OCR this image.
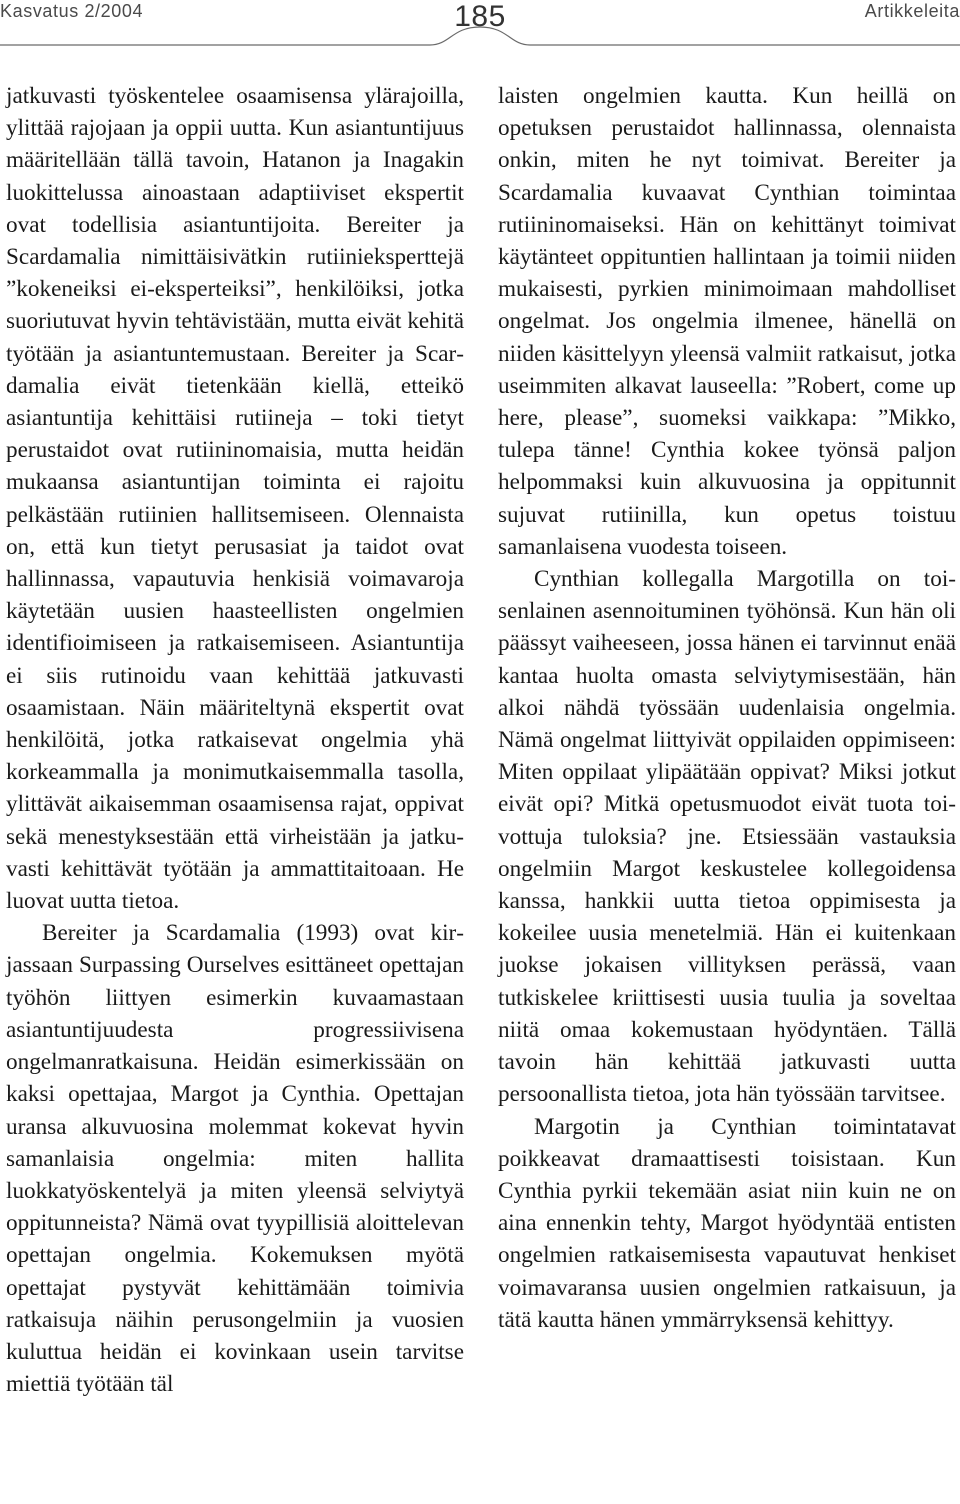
Kasvatus 2/2004	185	Artikkeleita

jatkuvasti työskentelee osaamisensa ylärajoilla, ylittää rajojaan ja oppii uutta. Kun asiantuntijuus määritellään tällä tavoin, Hatanon ja Inagakin luokittelussa ainoastaan adaptiiviset ekspertit ovat todellisia asiantuntijoita. Bereiter ja Scardamalia nimittäisivätkin rutiinieksperttejä ”kokeneiksi ei-eksperteiksi”, henkilöiksi, jotka suoriutuvat hyvin tehtävistään, mutta eivät kehitä työtään ja asiantuntemustaan. Bereiter ja Scardamalia eivät tietenkään kiellä, etteikö asiantuntija kehittäisi rutiineja – toki tietyt perustaidot ovat rutiininomaisia, mutta heidän mukaansa asiantuntijan toiminta ei rajoitu pelkästään rutiinien hallitsemiseen. Olennaista on, että kun tietyt perusasiat ja taidot ovat hallinnassa, vapautuvia henkisiä voimavaroja käytetään uusien haasteellisten ongelmien identifioimiseen ja ratkaisemiseen. Asiantuntija ei siis rutinoidu vaan kehittää jatkuvasti osaamistaan. Näin määriteltynä ekspertit ovat henkilöitä, jotka ratkaisevat ongelmia yhä korkeammalla ja monimutkaisemmalla tasolla, ylittävät aikaisemman osaamisensa rajat, oppivat sekä menestyksestään että virheistään ja jatkuvasti kehittävät työtään ja ammattitaitoaan. He luovat uutta tietoa.

Bereiter ja Scardamalia (1993) ovat kirjassaan Surpassing Ourselves esittäneet opettajan työhön liittyen esimerkin kuvaamastaan asiantuntijuudesta progressiivisena ongelmanratkaisuna. Heidän esimerkissään on kaksi opettajaa, Margot ja Cynthia. Opettajan uransa alkuvuosina molemmat kokevat hyvin samanlaisia ongelmia: miten hallita luokkatyöskentelyä ja miten yleensä selviytyä oppitunneista? Nämä ovat tyypillisiä aloittelevan opettajan ongelmia. Kokemuksen myötä opettajat pystyvät kehittämään toimivia ratkaisuja näihin perusongelmiin ja vuosien kuluttua heidän ei kovinkaan usein tarvitse miettiä työtään täl

laisten ongelmien kautta. Kun heillä on opetuksen perustaidot hallinnassa, olennaista onkin, miten he nyt toimivat. Bereiter ja Scardamalia kuvaavat Cynthian toimintaa rutiininomaiseksi. Hän on kehittänyt toimivat käytänteet oppituntien hallintaan ja toimii niiden mukaisesti, pyrkien minimoimaan mahdolliset ongelmat. Jos ongelmia ilmenee, hänellä on niiden käsittelyyn yleensä valmiit ratkaisut, jotka useimmiten alkavat lauseella: ”Robert, come up here, please”, suomeksi vaikkapa: ”Mikko, tulepa tänne! Cynthia kokee työnsä paljon helpommaksi kuin alkuvuosina ja oppitunnit sujuvat rutiinilla, kun opetus toistuu samanlaisena vuodesta toiseen.

Cynthian kollegalla Margotilla on toisenlainen asennoituminen työhönsä. Kun hän oli päässyt vaiheeseen, jossa hänen ei tarvinnut enää kantaa huolta omasta selviytymisestään, hän alkoi nähdä työssään uudenlaisia ongelmia. Nämä ongelmat liittyivät oppilaiden oppimiseen: Miten oppilaat ylipäätään oppivat? Miksi jotkut eivät opi? Mitkä opetusmuodot eivät tuota toivottuja tuloksia? jne. Etsiessään vastauksia ongelmiin Margot keskustelee kollegoidensa kanssa, hankkii uutta tietoa oppimisesta ja kokeilee uusia menetelmiä. Hän ei kuitenkaan juokse jokaisen villityksen perässä, vaan tutkiskelee kriittisesti uusia tuulia ja soveltaa niitä omaa kokemustaan hyödyntäen. Tällä tavoin hän kehittää jatkuvasti uutta persoonallista tietoa, jota hän työssään tarvitsee.

Margotin ja Cynthian toimintatavat poikkeavat dramaattisesti toisistaan. Kun Cynthia pyrkii tekemään asiat niin kuin ne on aina ennenkin tehty, Margot hyödyntää entisten ongelmien ratkaisemisesta vapautuvat henkiset voimavaransa uusien ongelmien ratkaisuun, ja tätä kautta hänen ymmärryksensä kehittyy.
